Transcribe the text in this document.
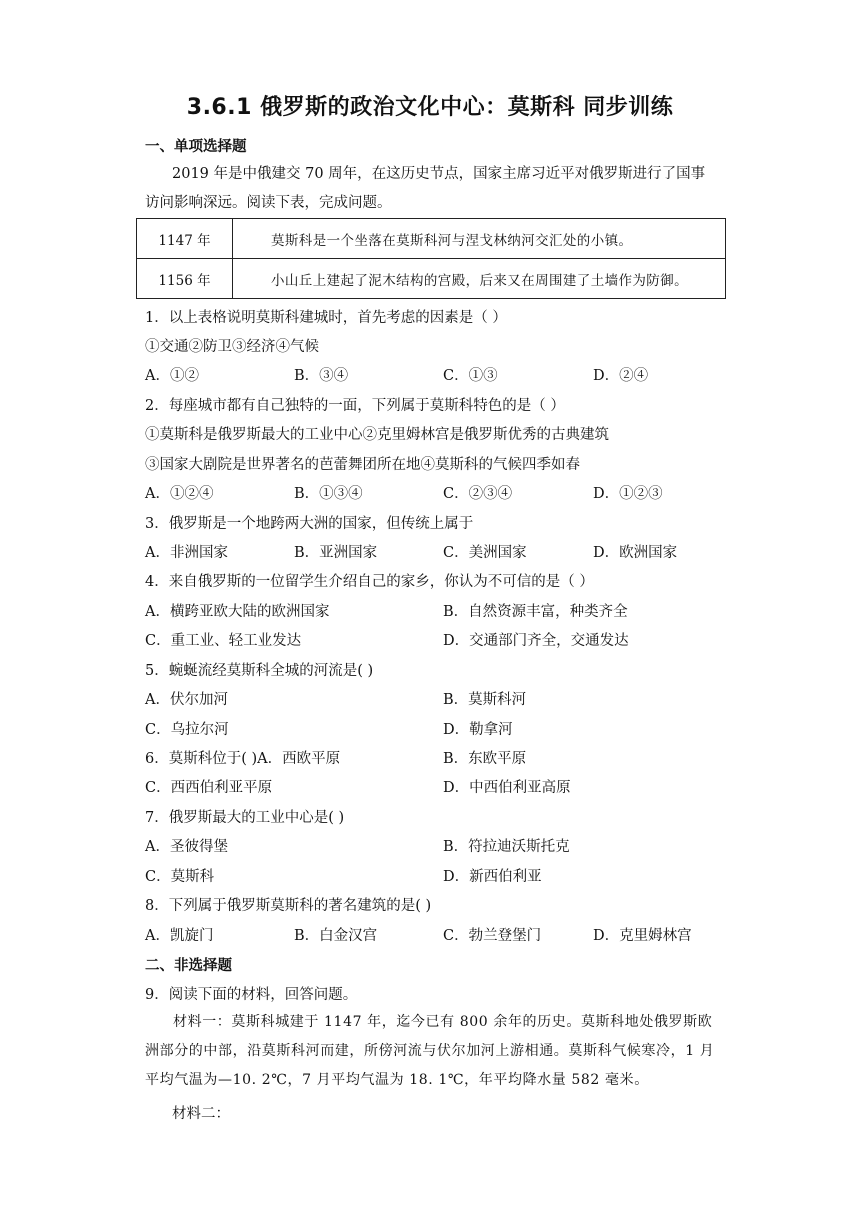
3.6.1 俄罗斯的政治文化中心：莫斯科 同步训练
一、单项选择题
2019 年是中俄建交 70 周年，在这历史节点，国家主席习近平对俄罗斯进行了国事
访问影响深远。阅读下表，完成问题。
1147 年	莫斯科是一个坐落在莫斯科河与涅戈林纳河交汇处的小镇。
1156 年	小山丘上建起了泥木结构的宫殿，后来又在周围建了土墙作为防御。
1．以上表格说明莫斯科建城时，首先考虑的因素是（ ）
①交通②防卫③经济④气候
A．①②	B．③④	C．①③	D．②④
2．每座城市都有自己独特的一面，下列属于莫斯科特色的是（ ）
①莫斯科是俄罗斯最大的工业中心②克里姆林宫是俄罗斯优秀的古典建筑
③国家大剧院是世界著名的芭蕾舞团所在地④莫斯科的气候四季如春
A．①②④	B．①③④	C．②③④	D．①②③
3．俄罗斯是一个地跨两大洲的国家，但传统上属于
A．非洲国家	B．亚洲国家	C．美洲国家	D．欧洲国家
4．来自俄罗斯的一位留学生介绍自己的家乡，你认为不可信的是（ ）
A．横跨亚欧大陆的欧洲国家	B．自然资源丰富，种类齐全
C．重工业、轻工业发达	D．交通部门齐全，交通发达
5．蜿蜒流经莫斯科全城的河流是( )
A．伏尔加河	B．莫斯科河
C．乌拉尔河	D．勒拿河
6．莫斯科位于( )A．西欧平原	B．东欧平原
C．西西伯利亚平原	D．中西伯利亚高原
7．俄罗斯最大的工业中心是( )
A．圣彼得堡	B．符拉迪沃斯托克
C．莫斯科	D．新西伯利亚
8．下列属于俄罗斯莫斯科的著名建筑的是( )
A．凯旋门	B．白金汉宫	C．勃兰登堡门	D．克里姆林宫
二、非选择题
9．阅读下面的材料，回答问题。
材料一：莫斯科城建于 1147 年，迄今已有 800 余年的历史。莫斯科地处俄罗斯欧洲部分的中部，沿莫斯科河而建，所傍河流与伏尔加河上游相通。莫斯科气候寒冷，1 月平均气温为—10. 2℃，7 月平均气温为 18. 1℃，年平均降水量 582 毫米。
材料二：
